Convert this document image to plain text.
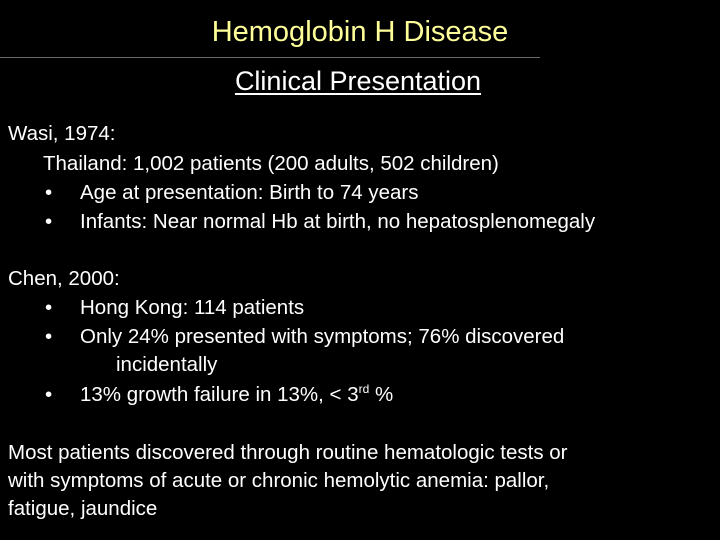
Hemoglobin H Disease
Clinical Presentation
Wasi, 1974:
Thailand: 1,002 patients (200 adults, 502 children)
• Age at presentation: Birth to 74 years
• Infants: Near normal Hb at birth, no hepatosplenomegaly
Chen, 2000:
• Hong Kong: 114 patients
• Only 24% presented with symptoms; 76% discovered
incidentally
• 13% growth failure in 13%, < 3rd %
Most patients discovered through routine hematologic tests or
with symptoms of acute or chronic hemolytic anemia: pallor,
fatigue, jaundice
